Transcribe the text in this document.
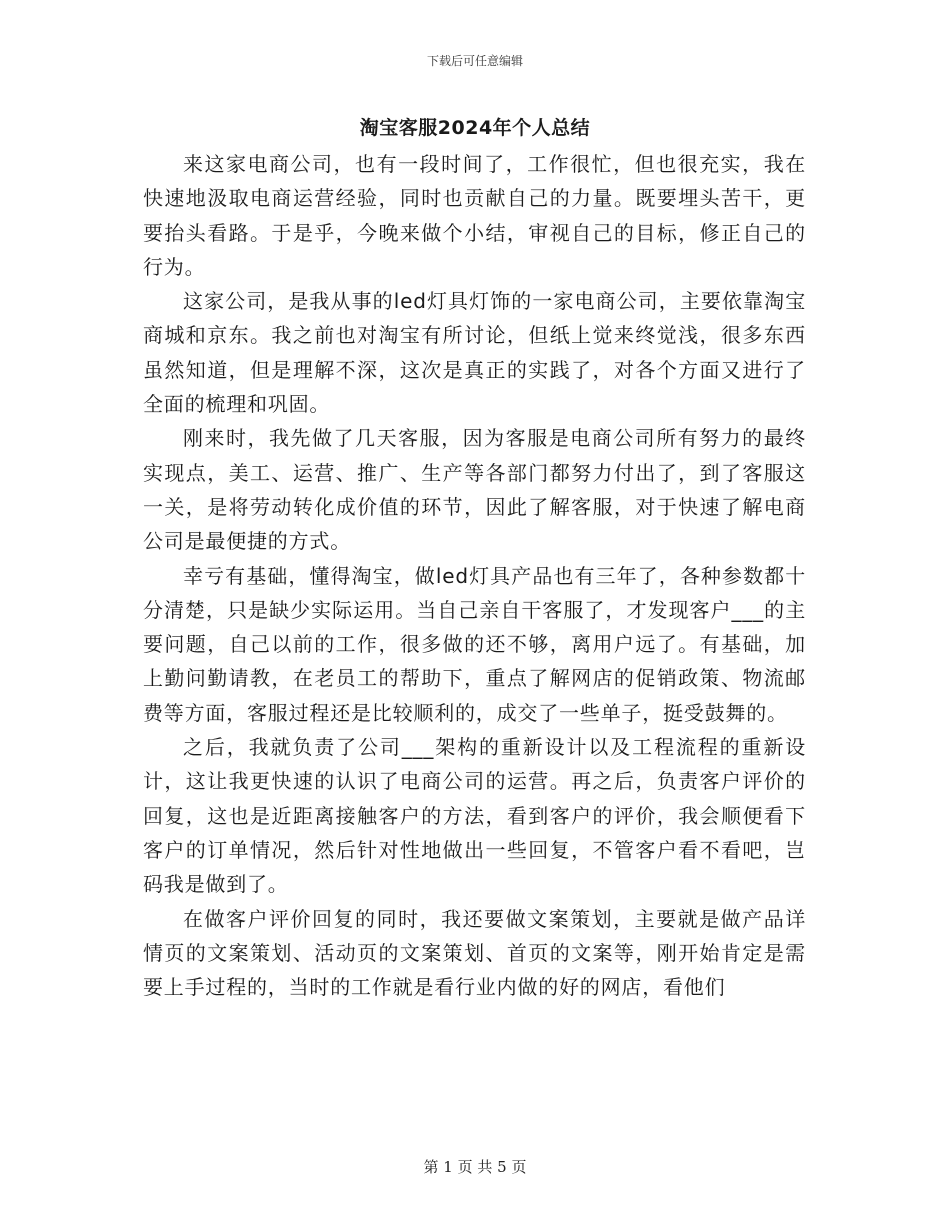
下载后可任意编辑
淘宝客服2024年个人总结

来这家电商公司，也有一段时间了，工作很忙，但也很充实，我在快速地汲取电商运营经验，同时也贡献自己的力量。既要埋头苦干，更要抬头看路。于是乎，今晚来做个小结，审视自己的目标，修正自己的行为。

这家公司，是我从事的led灯具灯饰的一家电商公司，主要依靠淘宝商城和京东。我之前也对淘宝有所讨论，但纸上觉来终觉浅，很多东西虽然知道，但是理解不深，这次是真正的实践了，对各个方面又进行了全面的梳理和巩固。

刚来时，我先做了几天客服，因为客服是电商公司所有努力的最终实现点，美工、运营、推广、生产等各部门都努力付出了，到了客服这一关，是将劳动转化成价值的环节，因此了解客服，对于快速了解电商公司是最便捷的方式。

幸亏有基础，懂得淘宝，做led灯具产品也有三年了，各种参数都十分清楚，只是缺少实际运用。当自己亲自干客服了，才发现客户___的主要问题，自己以前的工作，很多做的还不够，离用户远了。有基础，加上勤问勤请教，在老员工的帮助下，重点了解网店的促销政策、物流邮费等方面，客服过程还是比较顺利的，成交了一些单子，挺受鼓舞的。

之后，我就负责了公司___架构的重新设计以及工程流程的重新设计，这让我更快速的认识了电商公司的运营。再之后，负责客户评价的回复，这也是近距离接触客户的方法，看到客户的评价，我会顺便看下客户的订单情况，然后针对性地做出一些回复，不管客户看不看吧，岂码我是做到了。

在做客户评价回复的同时，我还要做文案策划，主要就是做产品详情页的文案策划、活动页的文案策划、首页的文案等，刚开始肯定是需要上手过程的，当时的工作就是看行业内做的好的网店，看他们

第 1 页 共 5 页
